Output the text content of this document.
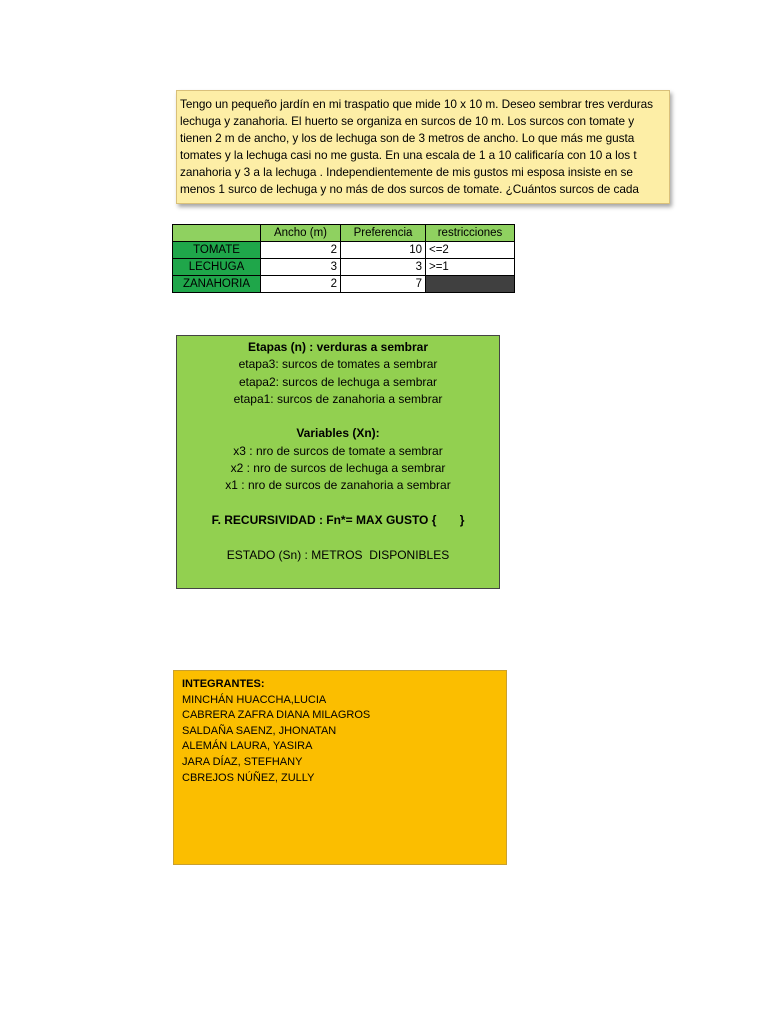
Tengo un pequeño jardín en mi traspatio que mide 10 x 10 m. Deseo sembrar tres verduras
lechuga y zanahoria. El huerto se organiza en surcos de 10 m. Los surcos con tomate y
tienen 2 m de ancho, y los de lechuga son de 3 metros de ancho. Lo que más me gusta
tomates y la lechuga casi no me gusta. En una escala de 1 a 10 calificaría con 10 a los t
zanahoria y 3 a la lechuga . Independientemente de mis gustos mi esposa insiste en se
menos 1 surco de lechuga y no más de dos surcos de tomate. ¿Cuántos surcos de cada
	Ancho (m)	Preferencia	restricciones
TOMATE	2	10	<=2
LECHUGA	3	3	>=1
ZANAHORIA	2	7	
Etapas (n) : verduras a sembrar
etapa3: surcos de tomates a sembrar
etapa2: surcos de lechuga a sembrar
etapa1: surcos de zanahoria a sembrar
Variables (Xn):
x3 : nro de surcos de tomate a sembrar
x2 : nro de surcos de lechuga a sembrar
x1 : nro de surcos de zanahoria a sembrar
F. RECURSIVIDAD : Fn*= MAX GUSTO {       }
ESTADO (Sn) : METROS  DISPONIBLES
INTEGRANTES:
MINCHÁN HUACCHA,LUCIA
CABRERA ZAFRA DIANA MILAGROS
SALDAÑA SAENZ, JHONATAN
ALEMÁN LAURA, YASIRA
JARA DÍAZ, STEFHANY
CBREJOS NÚÑEZ, ZULLY
